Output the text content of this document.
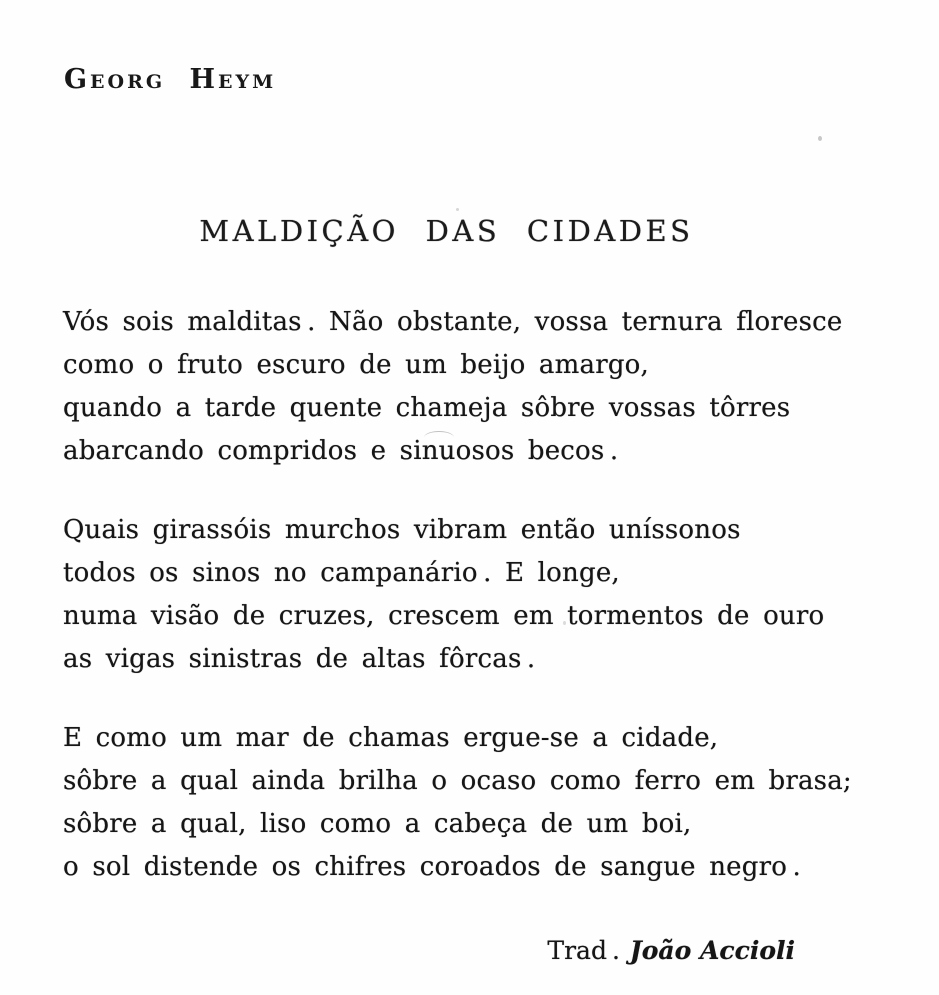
Georg Heym
MALDIÇÃO DAS CIDADES
Vós sois malditas . Não obstante, vossa ternura floresce
como o fruto escuro de um beijo amargo,
quando a tarde quente chameja sôbre vossas tôrres
abarcando compridos e sinuosos becos .
Quais girassóis murchos vibram então uníssonos
todos os sinos no campanário . E longe,
numa visão de cruzes, crescem em tormentos de ouro
as vigas sinistras de altas fôrcas .
E como um mar de chamas ergue-se a cidade,
sôbre a qual ainda brilha o ocaso como ferro em brasa;
sôbre a qual, liso como a cabeça de um boi,
o sol distende os chifres coroados de sangue negro .
Trad . João Accioli
